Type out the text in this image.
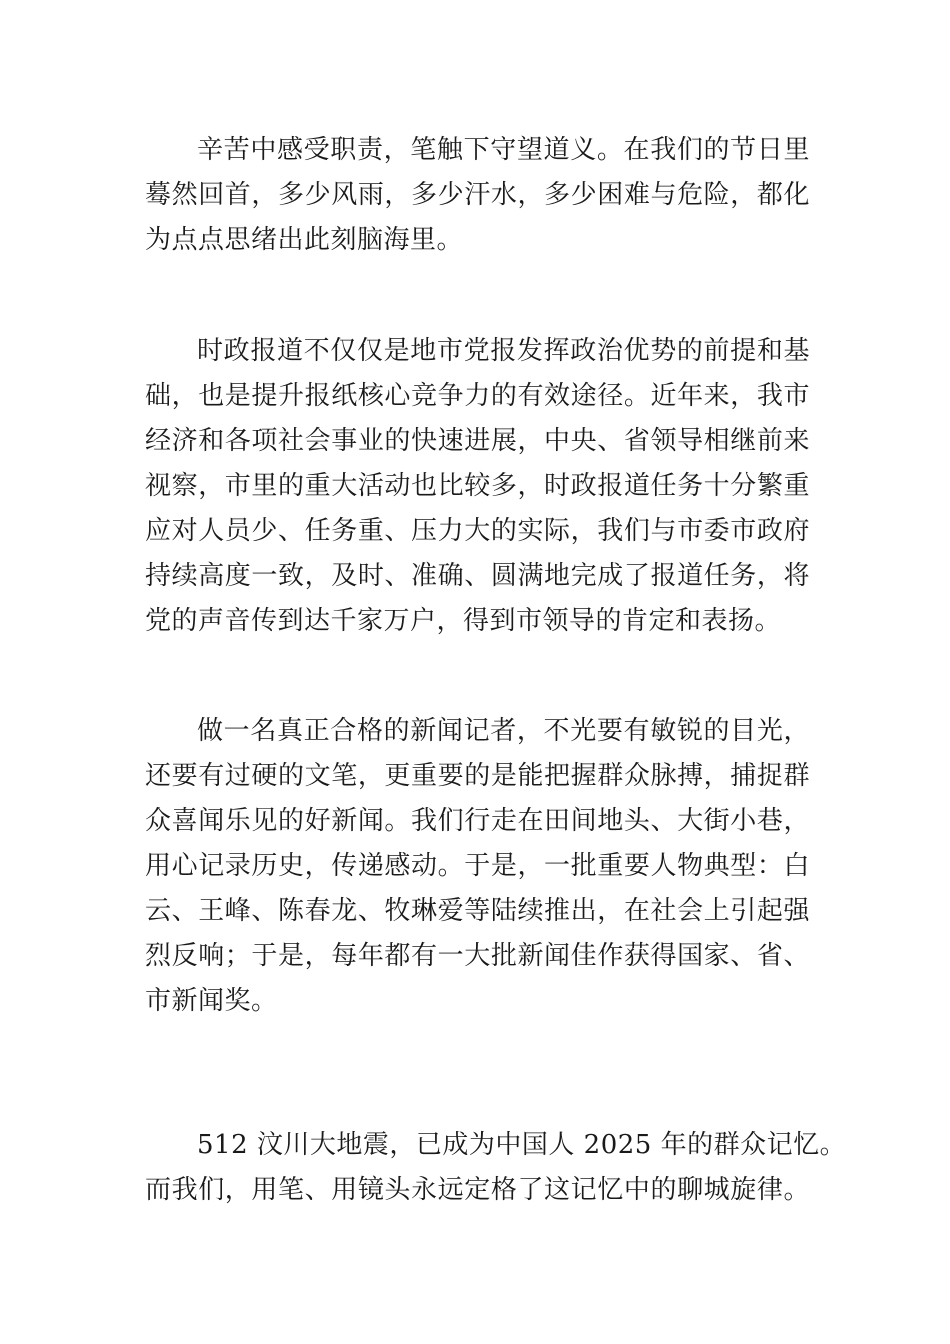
辛苦中感受职责，笔触下守望道义。在我们的节日里
蓦然回首，多少风雨，多少汗水，多少困难与危险，都化
为点点思绪出此刻脑海里。
时政报道不仅仅是地市党报发挥政治优势的前提和基
础，也是提升报纸核心竞争力的有效途径。近年来，我市
经济和各项社会事业的快速进展，中央、省领导相继前来
视察，市里的重大活动也比较多，时政报道任务十分繁重
应对人员少、任务重、压力大的实际，我们与市委市政府
持续高度一致，及时、准确、圆满地完成了报道任务，将
党的声音传到达千家万户，得到市领导的肯定和表扬。
做一名真正合格的新闻记者，不光要有敏锐的目光，
还要有过硬的文笔，更重要的是能把握群众脉搏，捕捉群
众喜闻乐见的好新闻。我们行走在田间地头、大街小巷，
用心记录历史，传递感动。于是，一批重要人物典型：白
云、王峰、陈春龙、牧琳爱等陆续推出，在社会上引起强
烈反响；于是，每年都有一大批新闻佳作获得国家、省、
市新闻奖。
512 汶川大地震，已成为中国人 2025 年的群众记忆。
而我们，用笔、用镜头永远定格了这记忆中的聊城旋律。
